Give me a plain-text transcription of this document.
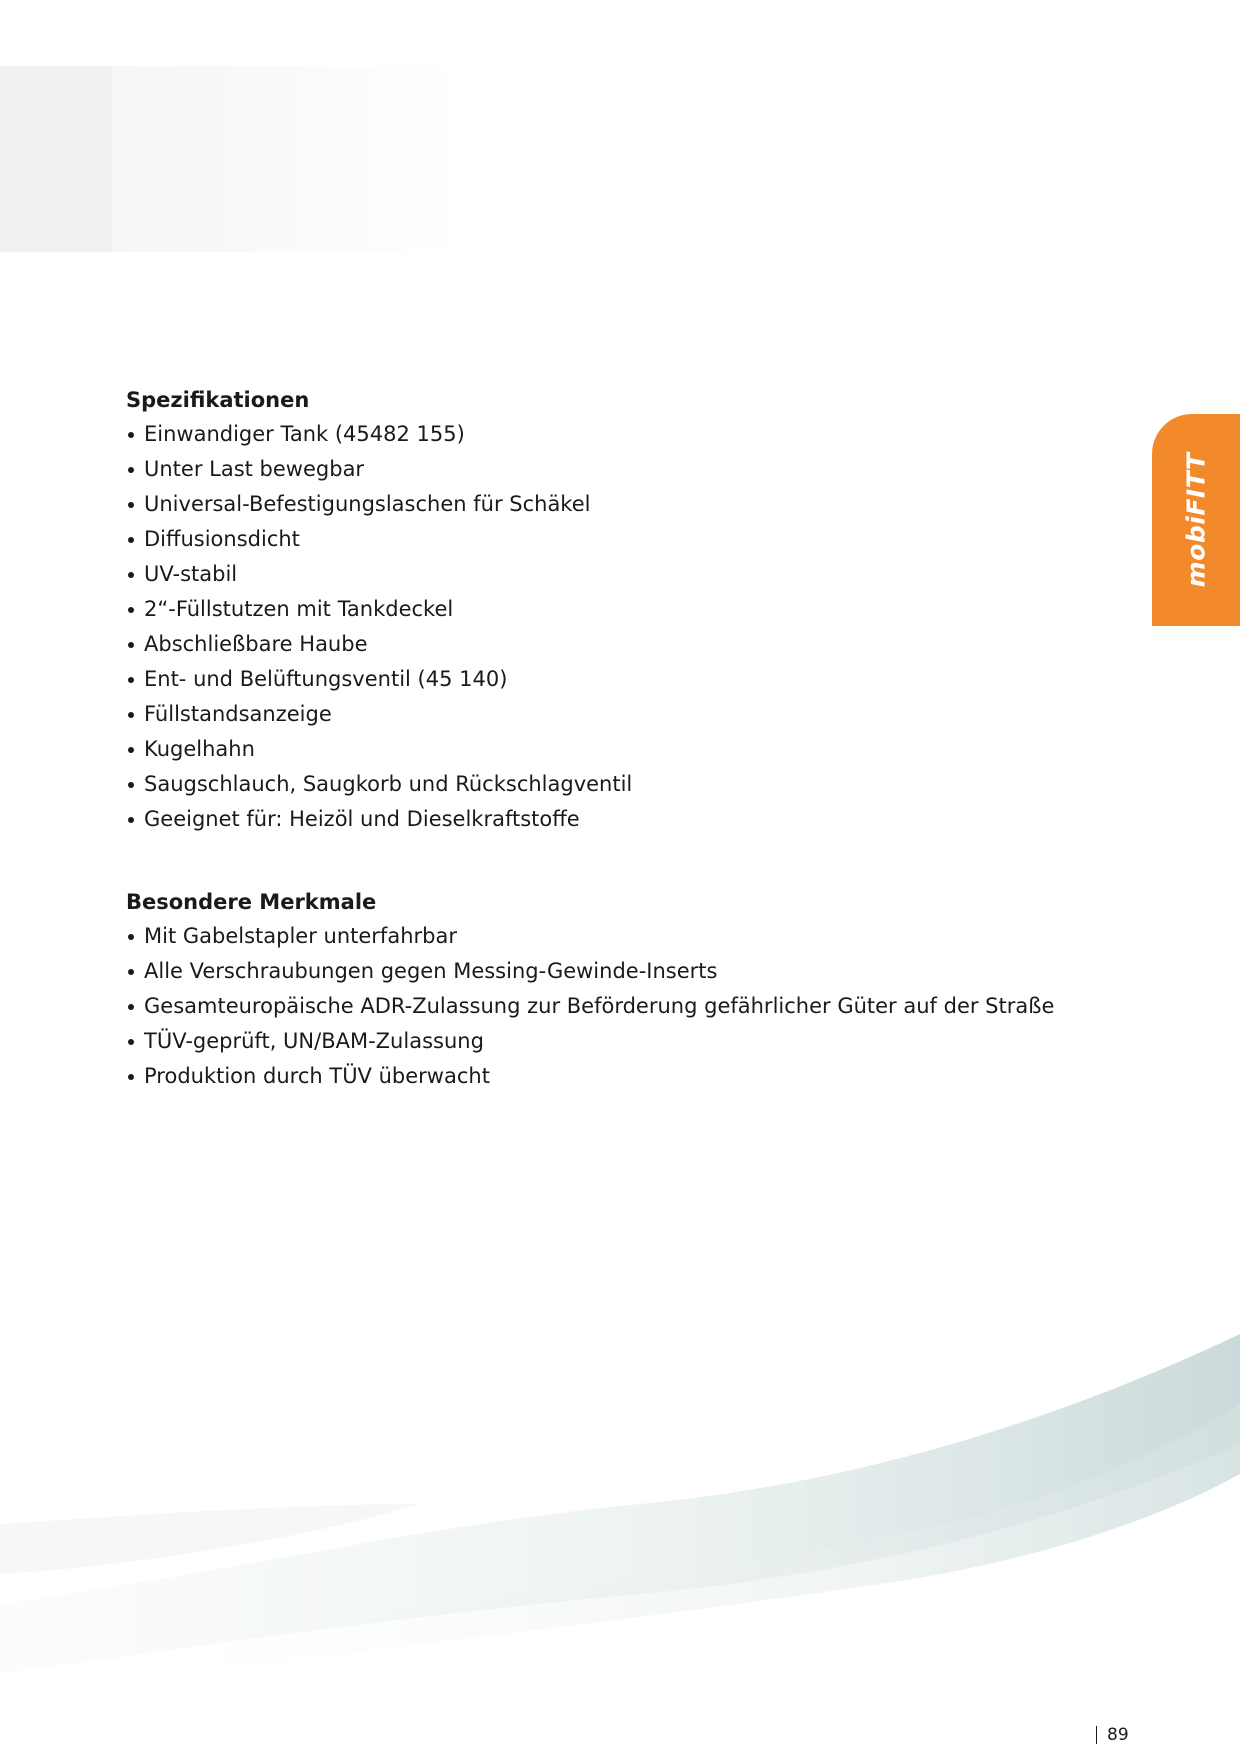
mobiFITT
Spezifikationen
Einwandiger Tank (45482 155)
Unter Last bewegbar
Universal-Befestigungslaschen für Schäkel
Diffusionsdicht
UV-stabil
2“-Füllstutzen mit Tankdeckel
Abschließbare Haube
Ent- und Belüftungsventil (45 140)
Füllstandsanzeige
Kugelhahn
Saugschlauch, Saugkorb und Rückschlagventil
Geeignet für: Heizöl und Dieselkraftstoffe
Besondere Merkmale
Mit Gabelstapler unterfahrbar
Alle Verschraubungen gegen Messing-Gewinde-Inserts
Gesamteuropäische ADR-Zulassung zur Beförderung gefährlicher Güter auf der Straße
TÜV-geprüft, UN/BAM-Zulassung
Produktion durch TÜV überwacht
89
